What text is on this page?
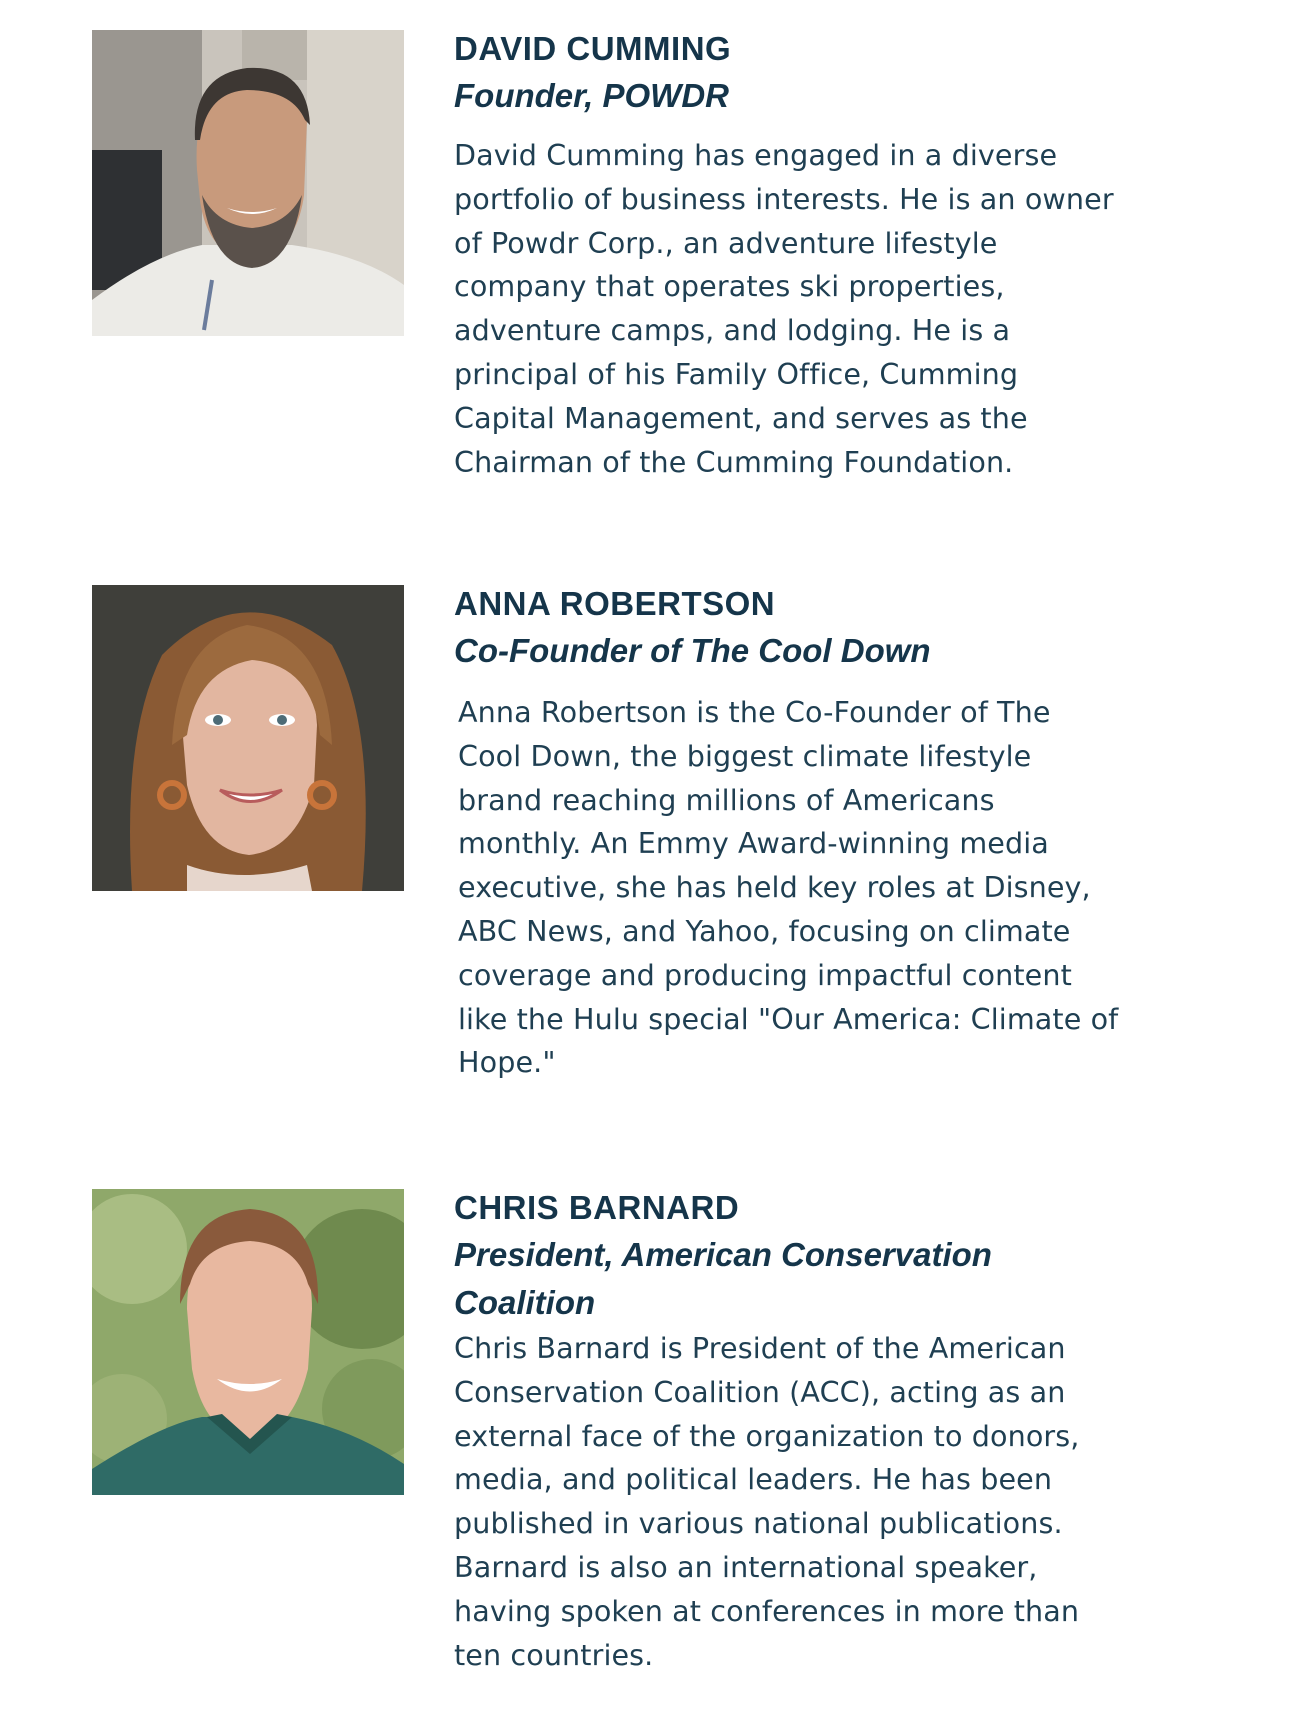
DAVID CUMMING
Founder, POWDR
David Cumming has engaged in a diverse
portfolio of business interests. He is an owner
of Powdr Corp., an adventure lifestyle
company that operates ski properties,
adventure camps, and lodging. He is a
principal of his Family Office, Cumming
Capital Management, and serves as the
Chairman of the Cumming Foundation.
ANNA ROBERTSON
Co-Founder of The Cool Down
Anna Robertson is the Co-Founder of The
Cool Down, the biggest climate lifestyle
brand reaching millions of Americans
monthly. An Emmy Award-winning media
executive, she has held key roles at Disney,
ABC News, and Yahoo, focusing on climate
coverage and producing impactful content
like the Hulu special "Our America: Climate of
Hope."
CHRIS BARNARD
President, American Conservation
Coalition
Chris Barnard is President of the American
Conservation Coalition (ACC), acting as an
external face of the organization to donors,
media, and political leaders. He has been
published in various national publications.
Barnard is also an international speaker,
having spoken at conferences in more than
ten countries.
